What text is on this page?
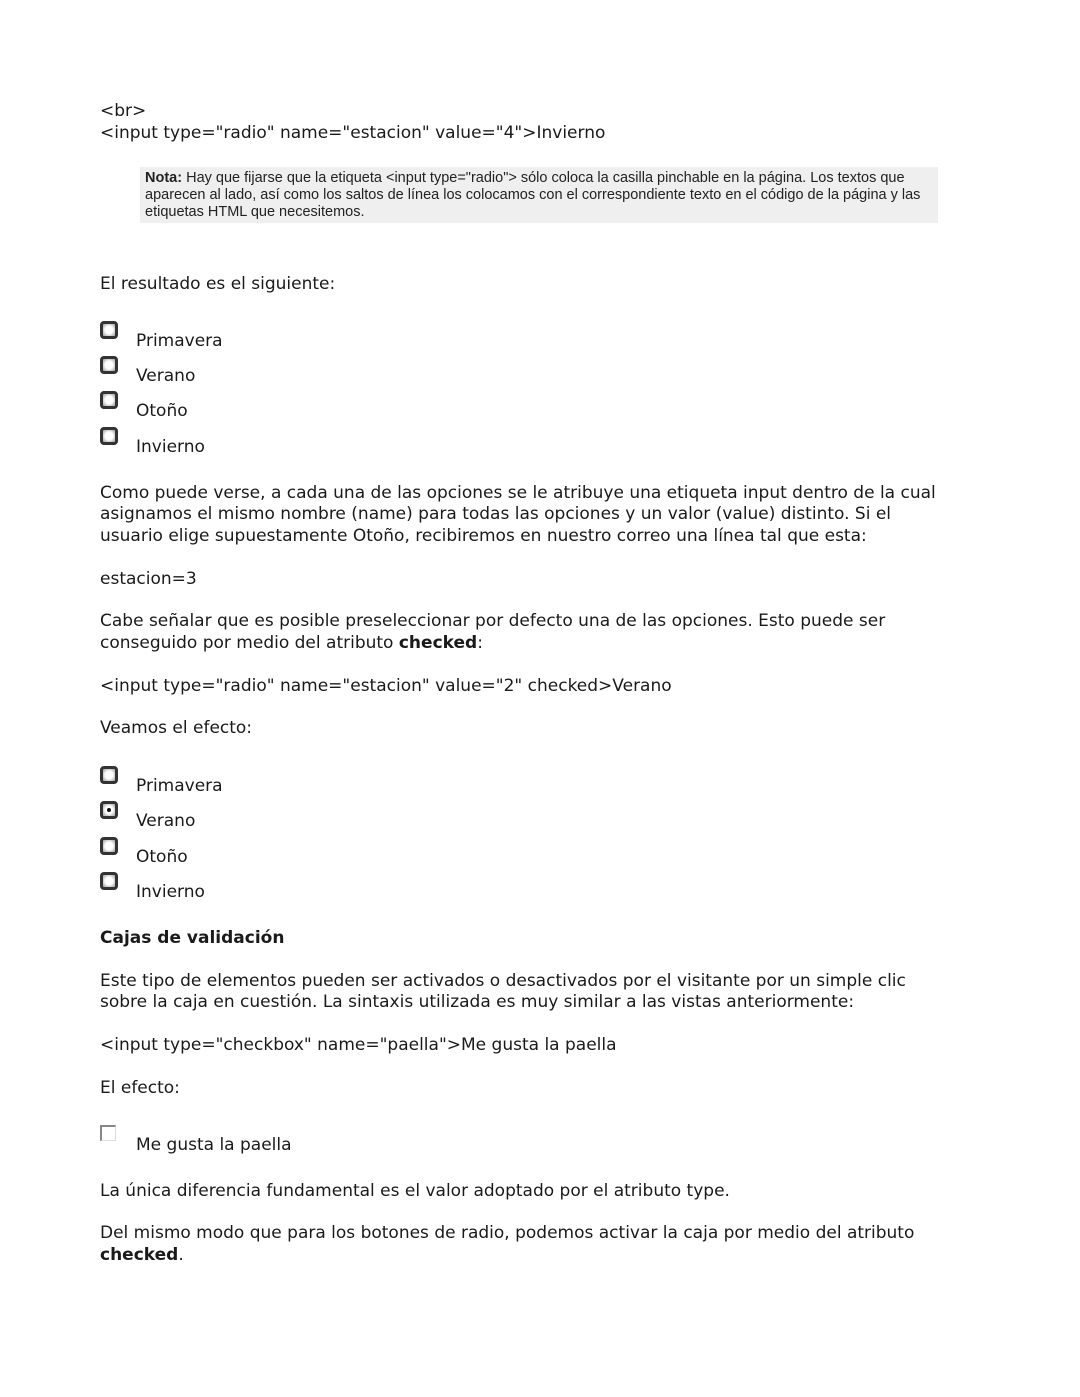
<br>
<input type="radio" name="estacion" value="4">Invierno
Nota: Hay que fijarse que la etiqueta <input type="radio"> sólo coloca la casilla pinchable en la página. Los textos que aparecen al lado, así como los saltos de línea los colocamos con el correspondiente texto en el código de la página y las etiquetas HTML que necesitemos.
El resultado es el siguiente:
Primavera
Verano
Otoño
Invierno
Como puede verse, a cada una de las opciones se le atribuye una etiqueta input dentro de la cual
asignamos el mismo nombre (name) para todas las opciones y un valor (value) distinto. Si el
usuario elige supuestamente Otoño, recibiremos en nuestro correo una línea tal que esta:
estacion=3
Cabe señalar que es posible preseleccionar por defecto una de las opciones. Esto puede ser
conseguido por medio del atributo checked:
<input type="radio" name="estacion" value="2" checked>Verano
Veamos el efecto:
Primavera
Verano
Otoño
Invierno
Cajas de validación
Este tipo de elementos pueden ser activados o desactivados por el visitante por un simple clic
sobre la caja en cuestión. La sintaxis utilizada es muy similar a las vistas anteriormente:
<input type="checkbox" name="paella">Me gusta la paella
El efecto:
Me gusta la paella
La única diferencia fundamental es el valor adoptado por el atributo type.
Del mismo modo que para los botones de radio, podemos activar la caja por medio del atributo
checked.
